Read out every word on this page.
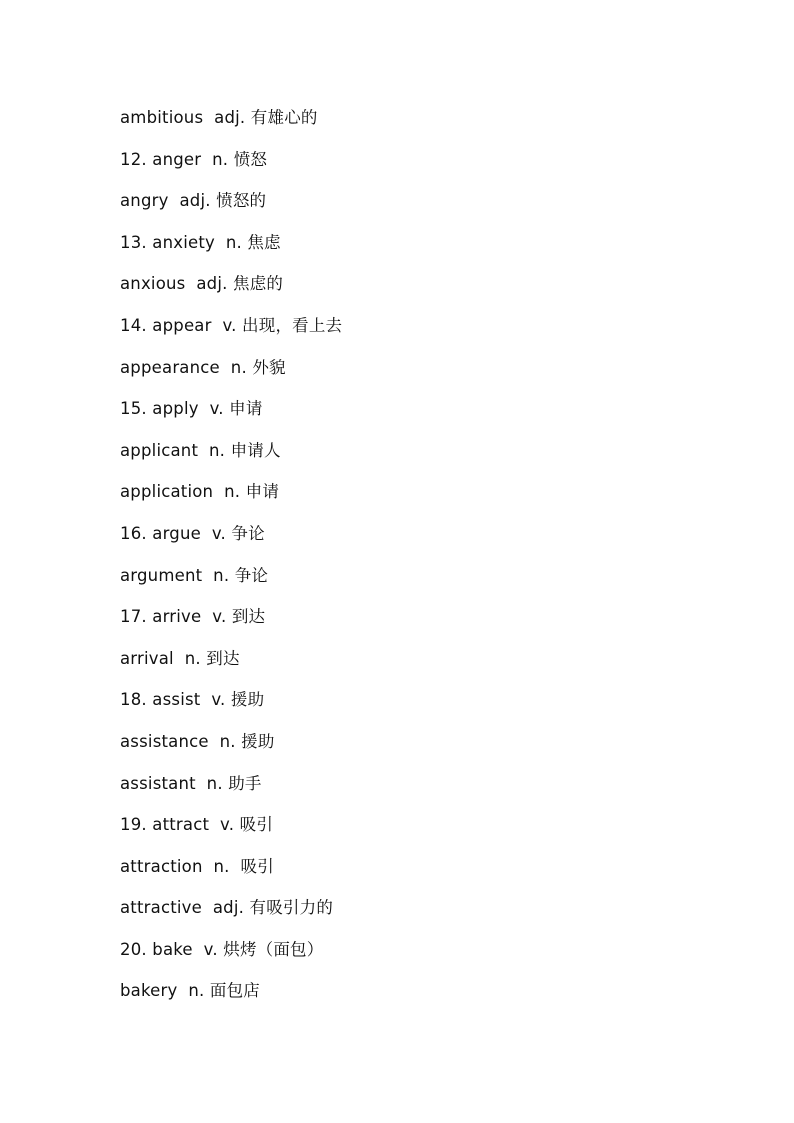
ambitious  adj. 有雄心的
12. anger  n. 愤怒
angry  adj. 愤怒的
13. anxiety  n. 焦虑
anxious  adj. 焦虑的
14. appear  v. 出现，看上去
appearance  n. 外貌
15. apply  v. 申请
applicant  n. 申请人
application  n. 申请
16. argue  v. 争论
argument  n. 争论
17. arrive  v. 到达
arrival  n. 到达
18. assist  v. 援助
assistance  n. 援助
assistant  n. 助手
19. attract  v. 吸引
attraction  n.  吸引
attractive  adj. 有吸引力的
20. bake  v. 烘烤（面包）
bakery  n. 面包店
